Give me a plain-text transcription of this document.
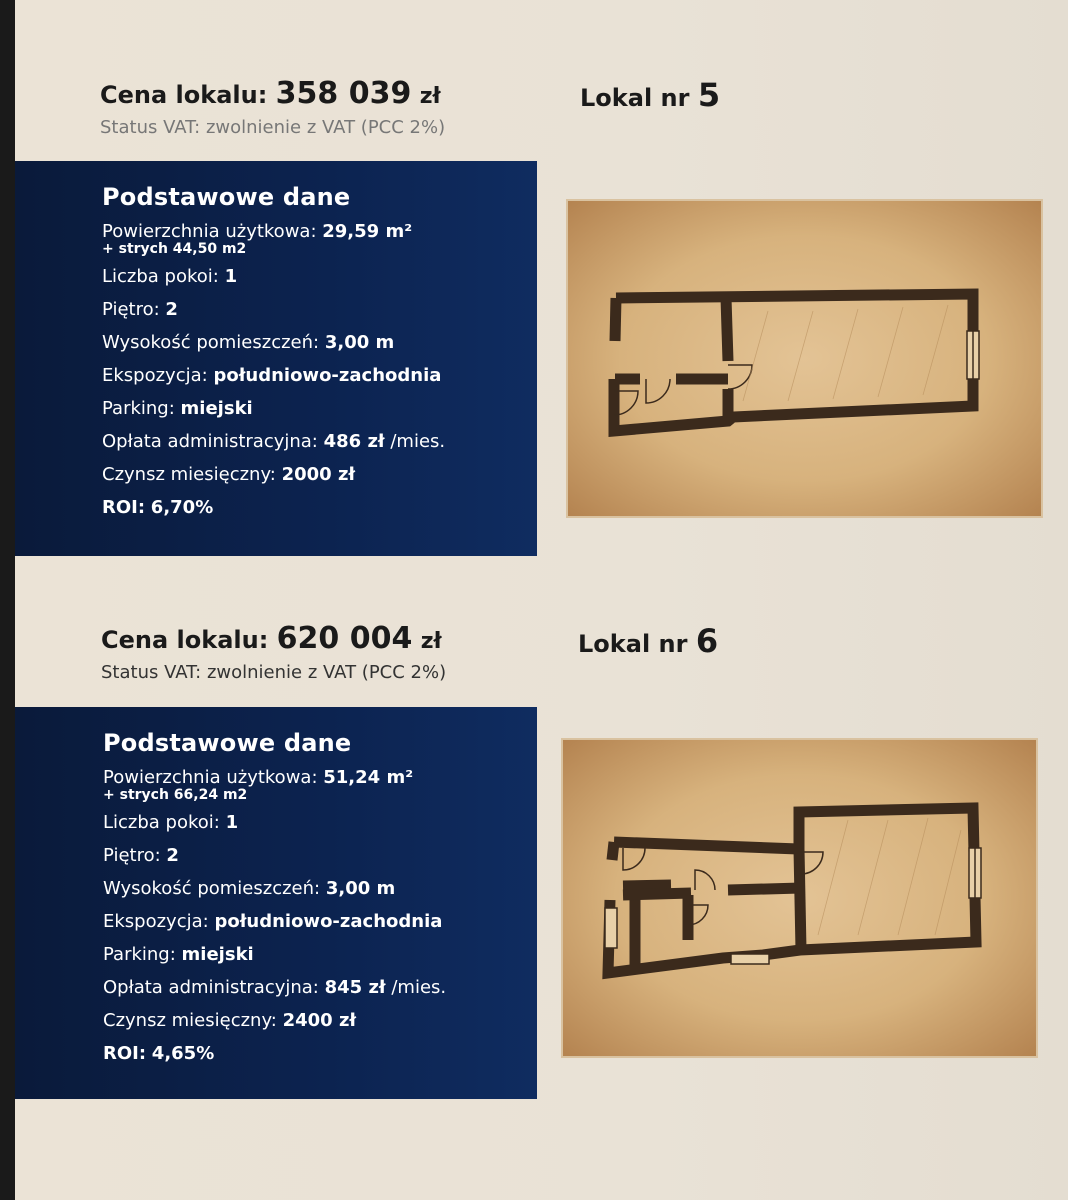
Cena lokalu: 358 039 zł
Status VAT: zwolnienie z VAT (PCC 2%)
Lokal nr 5
Podstawowe dane
Powierzchnia użytkowa: 29,59 m²
+ strych 44,50 m2
Liczba pokoi: 1
Piętro: 2
Wysokość pomieszczeń: 3,00 m
Ekspozycja: południowo-zachodnia
Parking: miejski
Opłata administracyjna: 486 zł /mies.
Czynsz miesięczny: 2000 zł
ROI: 6,70%
Cena lokalu: 620 004 zł
Status VAT: zwolnienie z VAT (PCC 2%)
Lokal nr 6
Podstawowe dane
Powierzchnia użytkowa: 51,24 m²
+ strych 66,24 m2
Liczba pokoi: 1
Piętro: 2
Wysokość pomieszczeń: 3,00 m
Ekspozycja: południowo-zachodnia
Parking: miejski
Opłata administracyjna: 845 zł /mies.
Czynsz miesięczny: 2400 zł
ROI: 4,65%
